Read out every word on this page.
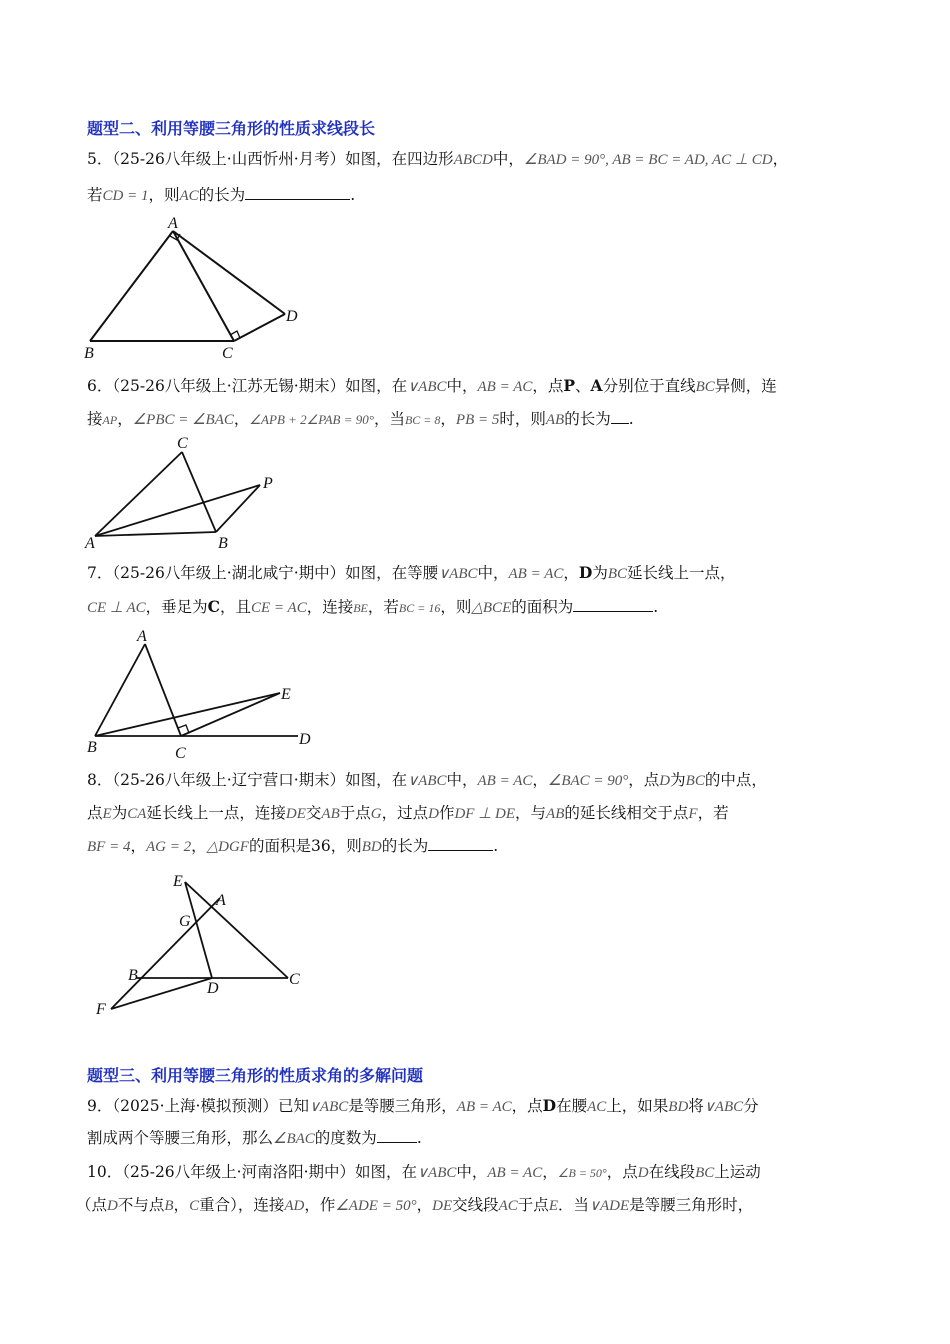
题型二、利用等腰三角形的性质求线段长
5．（25-26八年级上·山西忻州·月考）如图，在四边形ABCD中，∠BAD = 90°, AB = BC = AD, AC ⊥ CD，
若CD = 1，则AC的长为	.
A
B	C
D
6．（25-26八年级上·江苏无锡·期末）如图，在∨ABC中，AB = AC，点P、A分别位于直线BC异侧，连
接AP，∠PBC = ∠BAC，∠APB + 2∠PAB = 90°，当BC = 8，PB = 5时，则AB的长为 .
C
A	B
P
7．（25-26八年级上·湖北咸宁·期中）如图，在等腰∨ABC中，AB = AC，D为BC延长线上一点，
CE ⊥ AC，垂足为C，且CE = AC，连接BE，若BC = 16，则△BCE的面积为	.
A
B	C
D
E
8．（25-26八年级上·辽宁营口·期末）如图，在∨ABC中，AB = AC，∠BAC = 90°，点D为BC的中点，
点E为CA延长线上一点，连接DE交AB于点G，过点D作DF ⊥ DE，与AB的延长线相交于点F，若
BF = 4，AG = 2，△DGF的面积是36，则BD的长为	.
E
A
G
B
D
C
F
题型三、利用等腰三角形的性质求角的多解问题
9．（2025·上海·模拟预测）已知∨ABC是等腰三角形，AB = AC，点D在腰AC上，如果BD将∨ABC分
割成两个等腰三角形，那么∠BAC的度数为	.
10．（25-26八年级上·河南洛阳·期中）如图，在∨ABC中，AB = AC，∠B = 50°，点D在线段BC上运动
（点D不与点B，C重合），连接AD，作∠ADE = 50°，DE交线段AC于点E．当∨ADE是等腰三角形时，
